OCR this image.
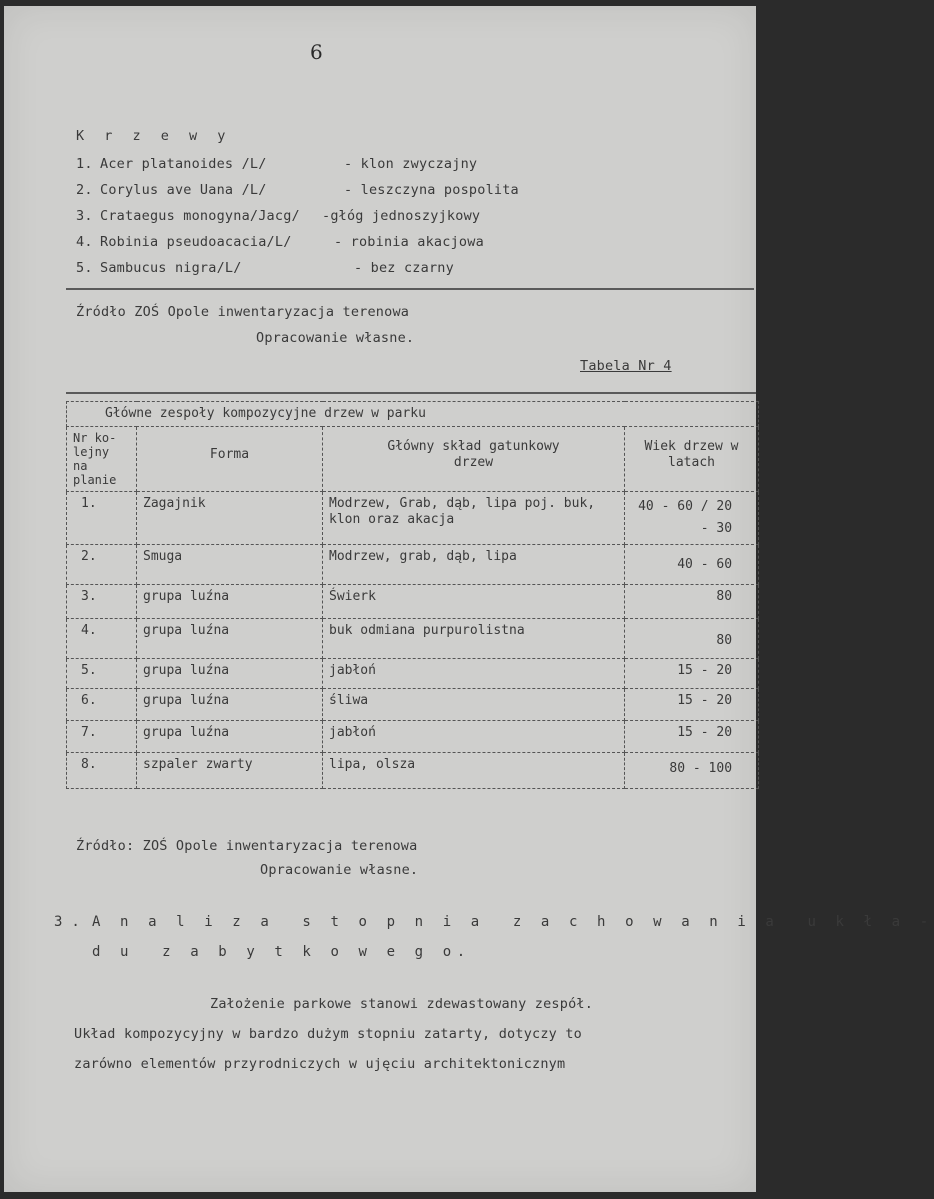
6
K r z e w y
1. Acer platanoides /L/	- klon zwyczajny
2. Corylus ave Uana /L/	- leszczyna pospolita
3. Crataegus monogyna/Jacg/ -głóg jednoszyjkowy
4. Robinia pseudoacacia/L/	- robinia akacjowa
5. Sambucus nigra/L/	- bez czarny
Źródło ZOŚ Opole inwentaryzacja terenowa
Opracowanie własne.
Tabela Nr 4
Główne zespoły kompozycyjne drzew w parku			
Nr ko- lejny na planie	Forma	Główny skład gatunkowy drzew	Wiek drzew w latach
1.	Zagajnik	Modrzew, Grab, dąb, lipa poj. buk, klon oraz akacja	40 - 60 / 20 - 30
2.	Smuga	Modrzew, grab, dąb, lipa	40 - 60
3.	grupa luźna	Świerk	80
4.	grupa luźna	buk odmiana purpurolistna	80
5.	grupa luźna	jabłoń	15 - 20
6.	grupa luźna	śliwa	15 - 20
7.	grupa luźna	jabłoń	15 - 20
8.	szpaler zwarty	lipa, olsza	80 - 100
Źródło: ZOŚ Opole inwentaryzacja terenowa
Opracowanie własne.
3. A n a l i z a  s t o p n i a  z a c h o w a n i a  u k ł a -
d u  z a b y t k o w e g o.
Założenie parkowe stanowi zdewastowany zespół.
Układ kompozycyjny w bardzo dużym stopniu zatarty, dotyczy to
zarówno elementów przyrodniczych w ujęciu architektonicznym
